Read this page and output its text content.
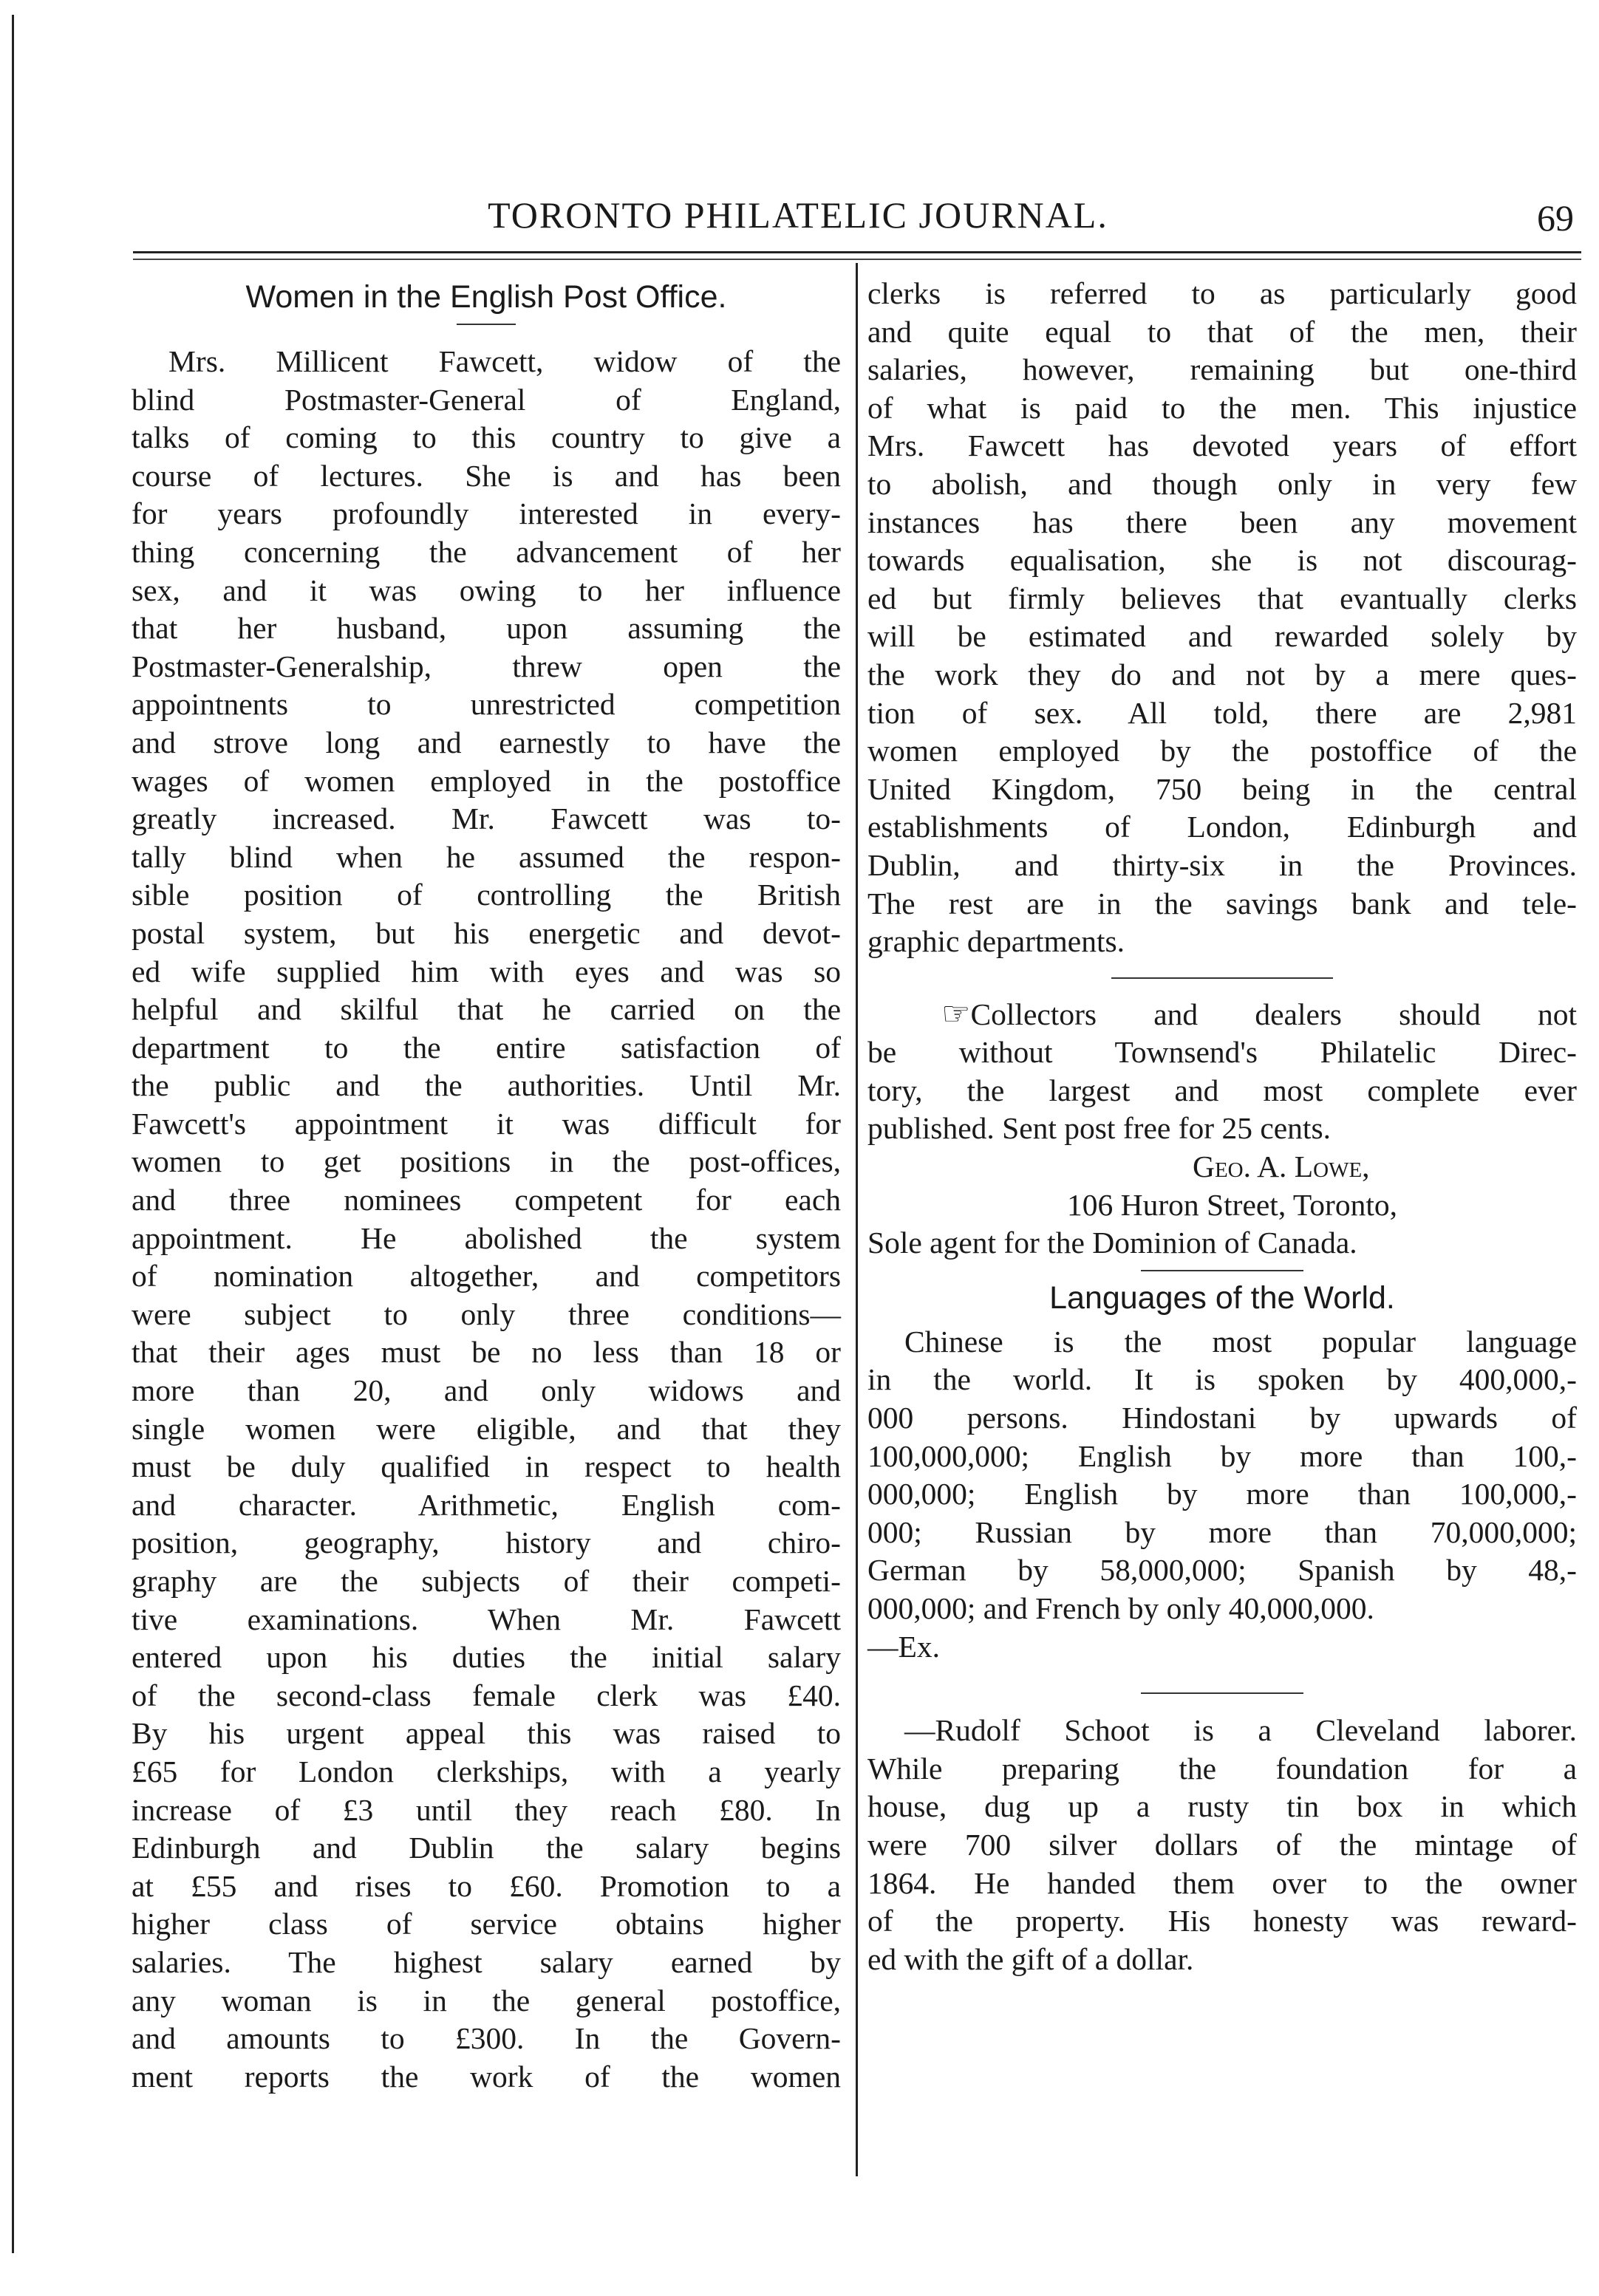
TORONTO PHILATELIC JOURNAL.	69
Women in the English Post Office.
Mrs. Millicent Fawcett, widow of the
blind Postmaster-General of England,
talks of coming to this country to give a
course of lectures. She is and has been
for years profoundly interested in every-
thing concerning the advancement of her
sex, and it was owing to her influence
that her husband, upon assuming the
Postmaster-Generalship, threw open the
appointnents to unrestricted competition
and strove long and earnestly to have the
wages of women employed in the postoffice
greatly increased. Mr. Fawcett was to-
tally blind when he assumed the respon-
sible position of controlling the British
postal system, but his energetic and devot-
ed wife supplied him with eyes and was so
helpful and skilful that he carried on the
department to the entire satisfaction of
the public and the authorities. Until Mr.
Fawcett's appointment it was difficult for
women to get positions in the post-offices,
and three nominees competent for each
appointment. He abolished the system
of nomination altogether, and competitors
were subject to only three conditions—
that their ages must be no less than 18 or
more than 20, and only widows and
single women were eligible, and that they
must be duly qualified in respect to health
and character. Arithmetic, English com-
position, geography, history and chiro-
graphy are the subjects of their competi-
tive examinations. When Mr. Fawcett
entered upon his duties the initial salary
of the second-class female clerk was £40.
By his urgent appeal this was raised to
£65 for London clerkships, with a yearly
increase of £3 until they reach £80. In
Edinburgh and Dublin the salary begins
at £55 and rises to £60. Promotion to a
higher class of service obtains higher
salaries. The highest salary earned by
any woman is in the general postoffice,
and amounts to £300. In the Govern-
ment reports the work of the women
clerks is referred to as particularly good
and quite equal to that of the men, their
salaries, however, remaining but one-third
of what is paid to the men. This injustice
Mrs. Fawcett has devoted years of effort
to abolish, and though only in very few
instances has there been any movement
towards equalisation, she is not discourag-
ed but firmly believes that evantually clerks
will be estimated and rewarded solely by
the work they do and not by a mere ques-
tion of sex. All told, there are 2,981
women employed by the postoffice of the
United Kingdom, 750 being in the central
establishments of London, Edinburgh and
Dublin, and thirty-six in the Provinces.
The rest are in the savings bank and tele-
graphic departments.
☞Collectors and dealers should not
be without Townsend's Philatelic Direc-
tory, the largest and most complete ever
published. Sent post free for 25 cents.
Geo. A. Lowe,
106 Huron Street, Toronto,
Sole agent for the Dominion of Canada.
Languages of the World.
Chinese is the most popular language
in the world. It is spoken by 400,000,-
000 persons. Hindostani by upwards of
100,000,000; English by more than 100,-
000,000; English by more than 100,000,-
000; Russian by more than 70,000,000;
German by 58,000,000; Spanish by 48,-
000,000; and French by only 40,000,000.
—Ex.
—Rudolf Schoot is a Cleveland laborer.
While preparing the foundation for a
house, dug up a rusty tin box in which
were 700 silver dollars of the mintage of
1864. He handed them over to the owner
of the property. His honesty was reward-
ed with the gift of a dollar.
